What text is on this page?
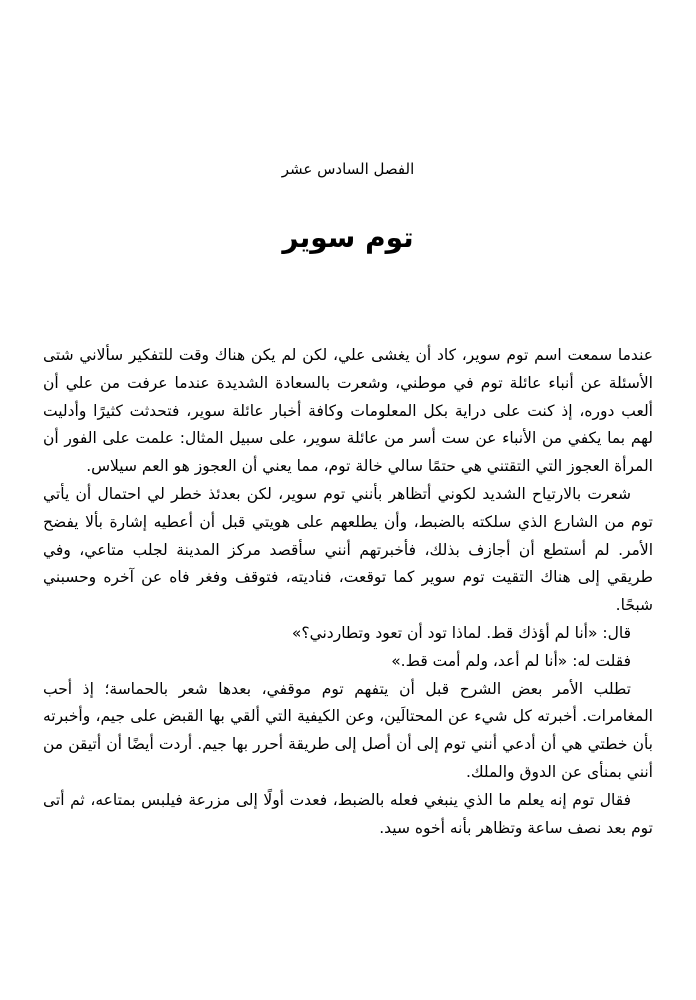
الفصل السادس عشر
توم سوير

عندما سمعت اسم توم سوير، كاد أن يغشى علي، لكن لم يكن هناك وقت للتفكير سألاني شتى الأسئلة عن أنباء عائلة توم في موطني، وشعرت بالسعادة الشديدة عندما عرفت من علي أن ألعب دوره، إذ كنت على دراية بكل المعلومات وكافة أخبار عائلة سوير، فتحدثت كثيرًا وأدليت لهم بما يكفي من الأنباء عن ست أسر من عائلة سوير، على سبيل المثال: علمت على الفور أن المرأة العجوز التي التقتني هي حتمًا سالي خالة توم، مما يعني أن العجوز هو العم سيلاس.

شعرت بالارتياح الشديد لكوني أتظاهر بأنني توم سوير، لكن بعدئذ خطر لي احتمال أن يأتي توم من الشارع الذي سلكته بالضبط، وأن يطلعهم على هويتي قبل أن أعطيه إشارة بألا يفضح الأمر. لم أستطع أن أجازف بذلك، فأخبرتهم أنني سأقصد مركز المدينة لجلب متاعي، وفي طريقي إلى هناك التقيت توم سوير كما توقعت، فناديته، فتوقف وفغر فاه عن آخره وحسبني شبحًا.

قال: «أنا لم أؤذك قط. لماذا تود أن تعود وتطاردني؟»

فقلت له: «أنا لم أعد، ولم أمت قط.»

تطلب الأمر بعض الشرح قبل أن يتفهم توم موقفي، بعدها شعر بالحماسة؛ إذ أحب المغامرات. أخبرته كل شيء عن المحتالَين، وعن الكيفية التي ألقي بها القبض على جيم، وأخبرته بأن خطتي هي أن أدعي أنني توم إلى أن أصل إلى طريقة أحرر بها جيم. أردت أيضًا أن أتيقن من أنني بمنأى عن الدوق والملك.

فقال توم إنه يعلم ما الذي ينبغي فعله بالضبط، فعدت أولًا إلى مزرعة فيلبس بمتاعه، ثم أتى توم بعد نصف ساعة وتظاهر بأنه أخوه سيد.
